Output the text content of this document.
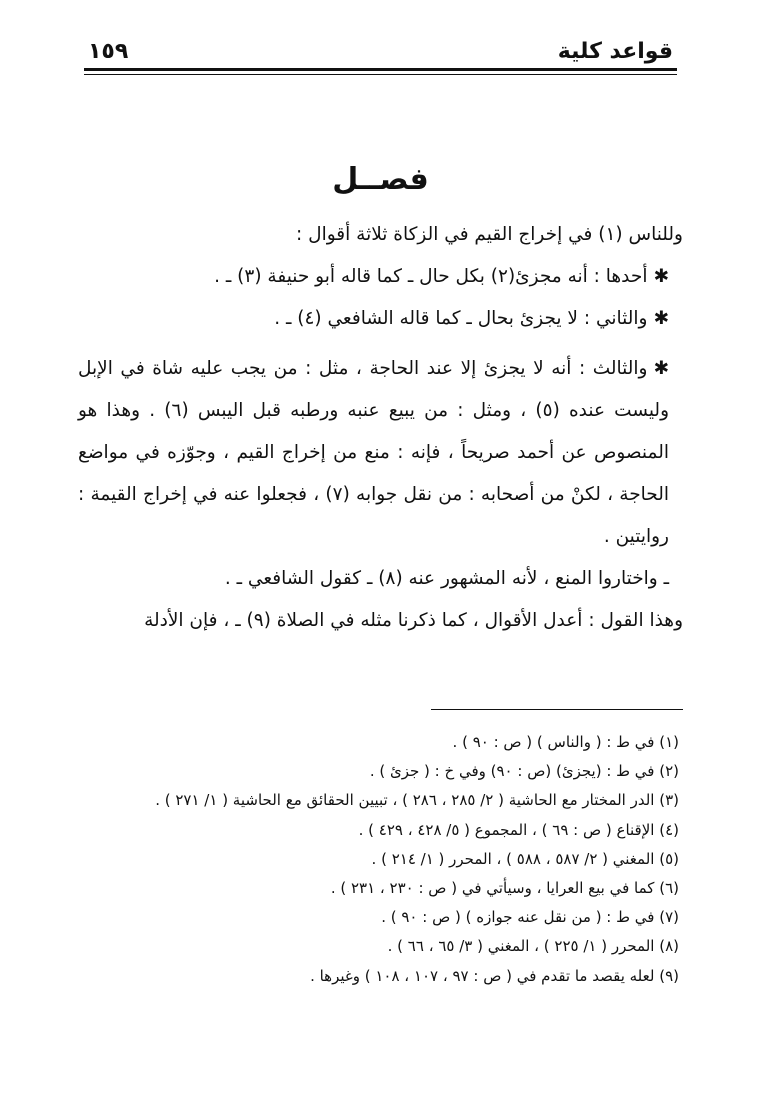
قواعد كلية
١٥٩
فصــل

وللناس (١) في إخراج القيم في الزكاة ثلاثة أقوال :

✱أحدها : أنه مجزئ(٢) بكل حال ـ كما قاله أبو حنيفة (٣) ـ .

✱والثاني : لا يجزئ بحال ـ كما قاله الشافعي (٤) ـ .

✱والثالث : أنه لا يجزئ إلا عند الحاجة ، مثل : من يجب عليه شاة في الإبل وليست عنده (٥) ، ومثل : من يبيع عنبه ورطبه قبل اليبس (٦) . وهذا هو المنصوص عن أحمد صريحاً ، فإنه : منع من إخراج القيم ، وجوّزه في مواضع الحاجة ، لكنْ من أصحابه : من نقل جوابه (٧) ، فجعلوا عنه في إخراج القيمة : روايتين .

ـ واختاروا المنع ، لأنه المشهور عنه (٨) ـ كقول الشافعي ـ .

وهذا القول : أعدل الأقوال ، كما ذكرنا مثله في الصلاة (٩) ـ ، فإن الأدلة

(١) في ط : ( والناس ) ( ص : ٩٠ ) .
(٢) في ط : (يجزئ) (ص : ٩٠) وفي خ : ( جزئ ) .
(٣) الدر المختار مع الحاشية ( ٢/ ٢٨٥ ، ٢٨٦ ) ، تبيين الحقائق مع الحاشية ( ١/ ٢٧١ ) .
(٤) الإقناع ( ص : ٦٩ ) ، المجموع ( ٥/ ٤٢٨ ، ٤٢٩ ) .
(٥) المغني ( ٢/ ٥٨٧ ، ٥٨٨ ) ، المحرر ( ١/ ٢١٤ ) .
(٦) كما في بيع العرايا ، وسيأتي في ( ص : ٢٣٠ ، ٢٣١ ) .
(٧) في ط : ( من نقل عنه جوازه ) ( ص : ٩٠ ) .
(٨) المحرر ( ١/ ٢٢٥ ) ، المغني ( ٣/ ٦٥ ، ٦٦ ) .
(٩) لعله يقصد ما تقدم في ( ص : ٩٧ ، ١٠٧ ، ١٠٨ ) وغيرها .
